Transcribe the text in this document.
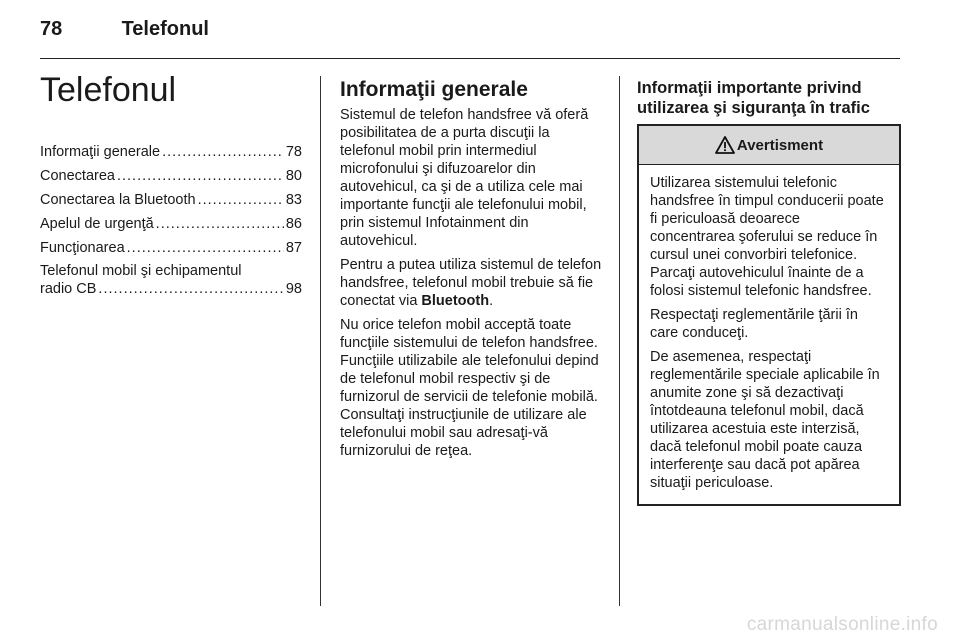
78	Telefonul
Telefonul
Informaţii generale .....	78
Conectarea .....	80
Conectarea la Bluetooth .....	83
Apelul de urgenţă .....	86
Funcţionarea .....	87
Telefonul mobil şi echipamentul
radio CB .....	98
Informaţii generale

Sistemul de telefon handsfree vă oferă posibilitatea de a purta discuţii la telefonul mobil prin intermediul microfonului şi difuzoarelor din autovehicul, ca şi de a utiliza cele mai importante funcţii ale telefonului mobil, prin sistemul Infotainment din autovehicul.

Pentru a putea utiliza sistemul de telefon handsfree, telefonul mobil trebuie să fie conectat via Bluetooth.

Nu orice telefon mobil acceptă toate funcţiile sistemului de telefon handsfree. Funcţiile utilizabile ale telefonului depind de telefonul mobil respectiv şi de furnizorul de servicii de telefonie mobilă. Consultaţi instrucţiunile de utilizare ale telefonului mobil sau adresaţi-vă furnizorului de reţea.

Informaţii importante privind utilizarea şi siguranţa în trafic
Avertisment

Utilizarea sistemului telefonic handsfree în timpul conducerii poate fi periculoasă deoarece concentrarea şoferului se reduce în cursul unei convorbiri telefonice. Parcaţi autovehiculul înainte de a folosi sistemul telefonic handsfree.

Respectaţi reglementările ţării în care conduceţi.

De asemenea, respectaţi reglementările speciale aplicabile în anumite zone şi să dezactivaţi întotdeauna telefonul mobil, dacă utilizarea acestuia este interzisă, dacă telefonul mobil poate cauza interferenţe sau dacă pot apărea situaţii periculoase.

carmanualsonline.info
